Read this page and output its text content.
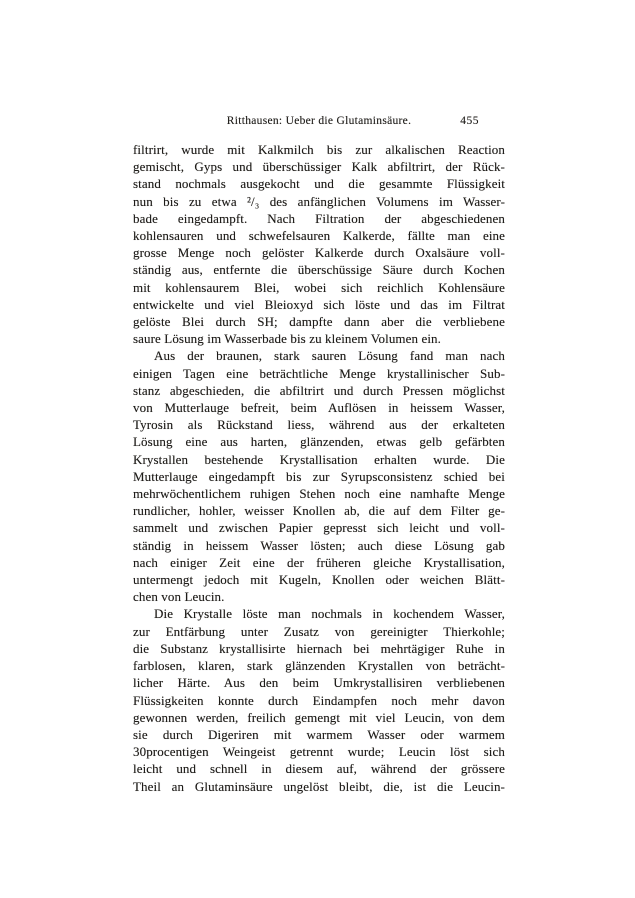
Ritthausen: Ueber die Glutaminsäure.	455
filtrirt, wurde mit Kalkmilch bis zur alkalischen Reaction
gemischt, Gyps und überschüssiger Kalk abfiltrirt, der Rück-
stand nochmals ausgekocht und die gesammte Flüssigkeit
nun bis zu etwa ²/₃ des anfänglichen Volumens im Wasser-
bade eingedampft. Nach Filtration der abgeschiedenen
kohlensauren und schwefelsauren Kalkerde, fällte man eine
grosse Menge noch gelöster Kalkerde durch Oxalsäure voll-
ständig aus, entfernte die überschüssige Säure durch Kochen
mit kohlensaurem Blei, wobei sich reichlich Kohlensäure
entwickelte und viel Bleioxyd sich löste und das im Filtrat
gelöste Blei durch SH; dampfte dann aber die verbliebene
saure Lösung im Wasserbade bis zu kleinem Volumen ein.
Aus der braunen, stark sauren Lösung fand man nach
einigen Tagen eine beträchtliche Menge krystallinischer Sub-
stanz abgeschieden, die abfiltrirt und durch Pressen möglichst
von Mutterlauge befreit, beim Auflösen in heissem Wasser,
Tyrosin als Rückstand liess, während aus der erkalteten
Lösung eine aus harten, glänzenden, etwas gelb gefärbten
Krystallen bestehende Krystallisation erhalten wurde. Die
Mutterlauge eingedampft bis zur Syrupsconsistenz schied bei
mehrwöchentlichem ruhigen Stehen noch eine namhafte Menge
rundlicher, hohler, weisser Knollen ab, die auf dem Filter ge-
sammelt und zwischen Papier gepresst sich leicht und voll-
ständig in heissem Wasser lösten; auch diese Lösung gab
nach einiger Zeit eine der früheren gleiche Krystallisation,
untermengt jedoch mit Kugeln, Knollen oder weichen Blätt-
chen von Leucin.
Die Krystalle löste man nochmals in kochendem Wasser,
zur Entfärbung unter Zusatz von gereinigter Thierkohle;
die Substanz krystallisirte hiernach bei mehrtägiger Ruhe in
farblosen, klaren, stark glänzenden Krystallen von beträcht-
licher Härte. Aus den beim Umkrystallisiren verbliebenen
Flüssigkeiten konnte durch Eindampfen noch mehr davon
gewonnen werden, freilich gemengt mit viel Leucin, von dem
sie durch Digeriren mit warmem Wasser oder warmem
30procentigen Weingeist getrennt wurde; Leucin löst sich
leicht und schnell in diesem auf, während der grössere
Theil an Glutaminsäure ungelöst bleibt, die, ist die Leucin-
